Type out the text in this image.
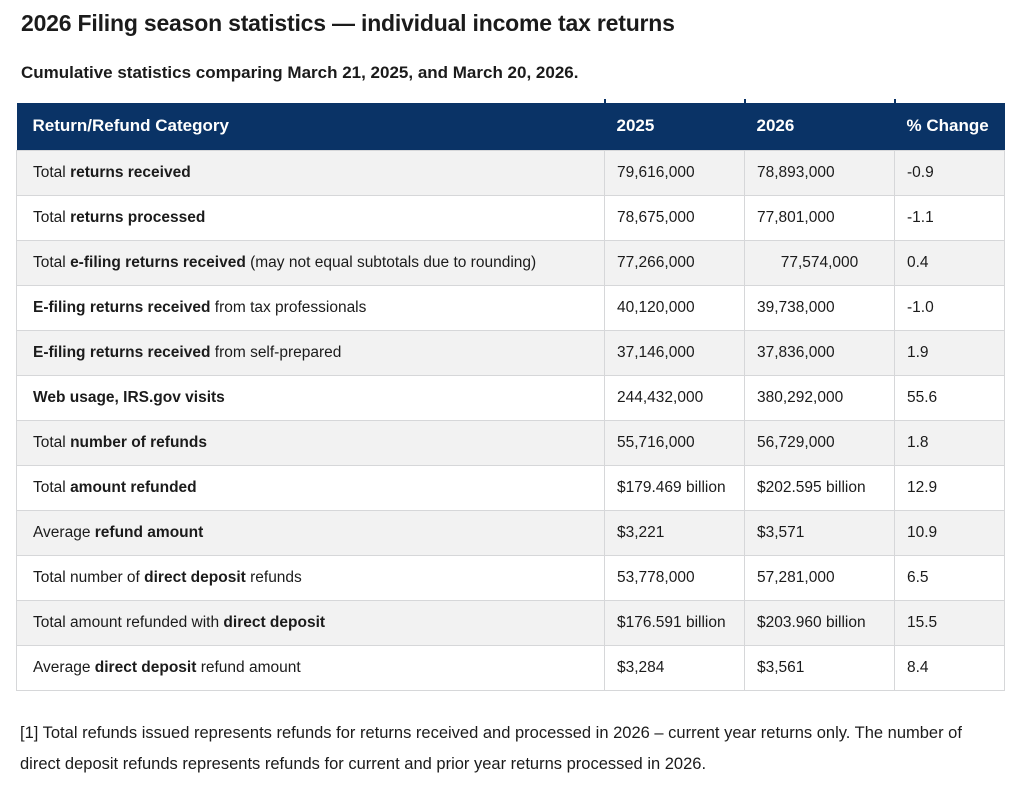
2026 Filing season statistics — individual income tax returns

Cumulative statistics comparing March 21, 2025, and March 20, 2026.

Return/Refund Category	2025	2026	% Change
Total returns received	79,616,000	78,893,000	-0.9
Total returns processed	78,675,000	77,801,000	-1.1
Total e-filing returns received (may not equal subtotals due to rounding)	77,266,000	77,574,000	0.4
E-filing returns received from tax professionals	40,120,000	39,738,000	-1.0
E-filing returns received from self-prepared	37,146,000	37,836,000	1.9
Web usage, IRS.gov visits	244,432,000	380,292,000	55.6
Total number of refunds	55,716,000	56,729,000	1.8
Total amount refunded	$179.469 billion	$202.595 billion	12.9
Average refund amount	$3,221	$3,571	10.9
Total number of direct deposit refunds	53,778,000	57,281,000	6.5
Total amount refunded with direct deposit	$176.591 billion	$203.960 billion	15.5
Average direct deposit refund amount	$3,284	$3,561	8.4

[1] Total refunds issued represents refunds for returns received and processed in 2026 – current year returns only. The number of direct deposit refunds represents refunds for current and prior year returns processed in 2026.
